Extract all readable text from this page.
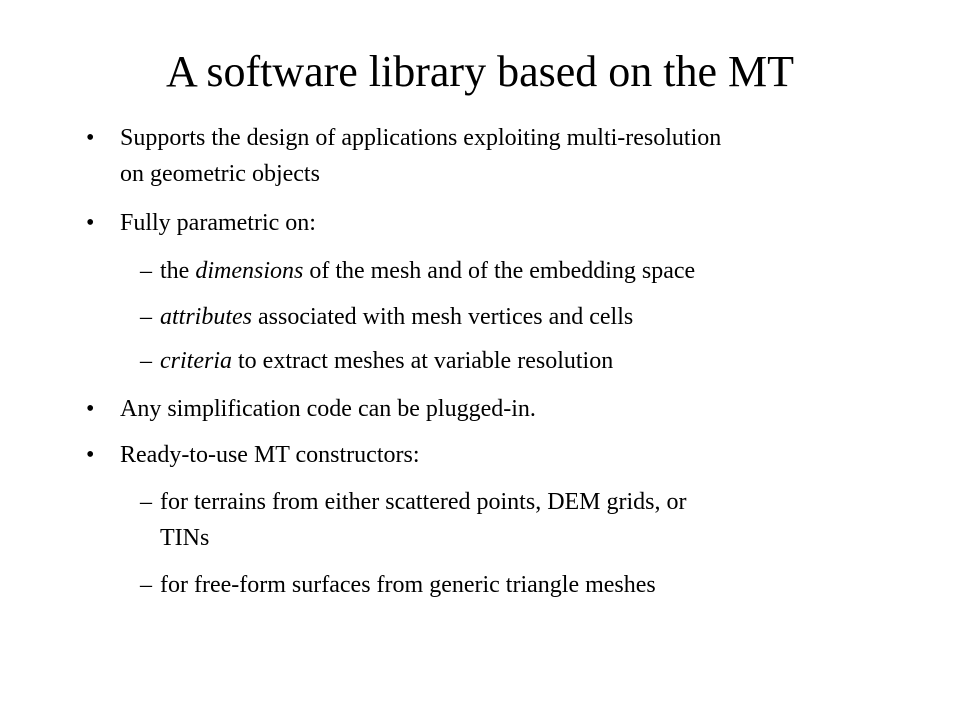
A software library based on the MT
• Supports the design of applications exploiting multi-resolution
on geometric objects
• Fully parametric on:
– the dimensions of the mesh and of the embedding space
– attributes associated with mesh vertices and cells
– criteria to extract meshes at variable resolution
• Any simplification code can be plugged-in.
• Ready-to-use MT constructors:
– for terrains from either scattered points, DEM grids, or
TINs
– for free-form surfaces from generic triangle meshes
